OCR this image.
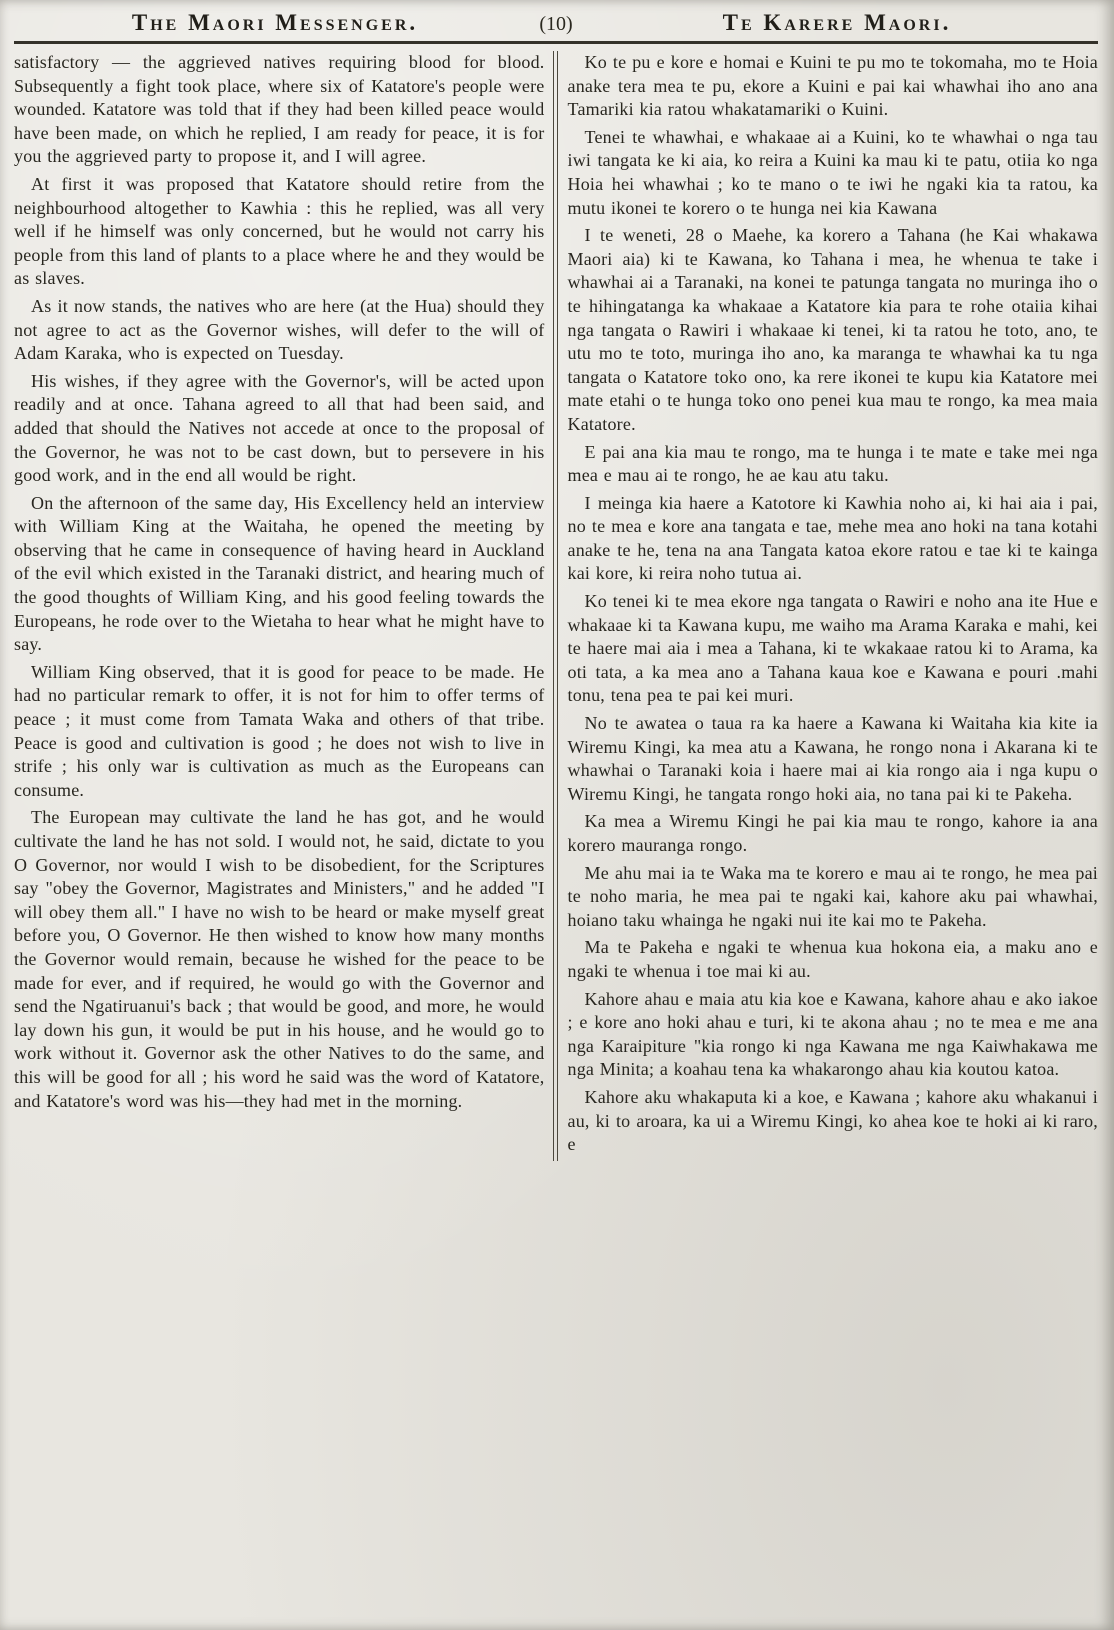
The Maori Messenger.	(10)	Te Karere Maori.

satisfactory — the aggrieved natives requiring blood for blood. Subsequently a fight took place, where six of Katatore's people were wounded. Katatore was told that if they had been killed peace would have been made, on which he replied, I am ready for peace, it is for you the aggrieved party to propose it, and I will agree.

At first it was proposed that Katatore should retire from the neighbourhood altogether to Kawhia : this he replied, was all very well if he himself was only concerned, but he would not carry his people from this land of plants to a place where he and they would be as slaves.

As it now stands, the natives who are here (at the Hua) should they not agree to act as the Governor wishes, will defer to the will of Adam Karaka, who is expected on Tuesday.

His wishes, if they agree with the Governor's, will be acted upon readily and at once. Tahana agreed to all that had been said, and added that should the Natives not accede at once to the proposal of the Governor, he was not to be cast down, but to persevere in his good work, and in the end all would be right.

On the afternoon of the same day, His Excellency held an interview with William King at the Waitaha, he opened the meeting by observing that he came in consequence of having heard in Auckland of the evil which existed in the Taranaki district, and hearing much of the good thoughts of William King, and his good feeling towards the Europeans, he rode over to the Wietaha to hear what he might have to say.

William King observed, that it is good for peace to be made. He had no particular remark to offer, it is not for him to offer terms of peace ; it must come from Tamata Waka and others of that tribe. Peace is good and cultivation is good ; he does not wish to live in strife ; his only war is cultivation as much as the Europeans can consume.

The European may cultivate the land he has got, and he would cultivate the land he has not sold. I would not, he said, dictate to you O Governor, nor would I wish to be disobedient, for the Scriptures say "obey the Governor, Magistrates and Ministers," and he added "I will obey them all." I have no wish to be heard or make myself great before you, O Governor. He then wished to know how many months the Governor would remain, because he wished for the peace to be made for ever, and if required, he would go with the Governor and send the Ngatiruanui's back ; that would be good, and more, he would lay down his gun, it would be put in his house, and he would go to work without it. Governor ask the other Natives to do the same, and this will be good for all ; his word he said was the word of Katatore, and Katatore's word was his—they had met in the morning.

Ko te pu e kore e homai e Kuini te pu mo te tokomaha, mo te Hoia anake tera mea te pu, ekore a Kuini e pai kai whawhai iho ano ana Tamariki kia ratou whakatamariki o Kuini.

Tenei te whawhai, e whakaae ai a Kuini, ko te whawhai o nga tau iwi tangata ke ki aia, ko reira a Kuini ka mau ki te patu, otiia ko nga Hoia hei whawhai ; ko te mano o te iwi he ngaki kia ta ratou, ka mutu ikonei te korero o te hunga nei kia Kawana

I te weneti, 28 o Maehe, ka korero a Tahana (he Kai whakawa Maori aia) ki te Kawana, ko Tahana i mea, he whenua te take i whawhai ai a Taranaki, na konei te patunga tangata no muringa iho o te hihingatanga ka whakaae a Katatore kia para te rohe otaiia kihai nga tangata o Rawiri i whakaae ki tenei, ki ta ratou he toto, ano, te utu mo te toto, muringa iho ano, ka maranga te whawhai ka tu nga tangata o Katatore toko ono, ka rere ikonei te kupu kia Katatore mei mate etahi o te hunga toko ono penei kua mau te rongo, ka mea maia Katatore.

E pai ana kia mau te rongo, ma te hunga i te mate e take mei nga mea e mau ai te rongo, he ae kau atu taku.

I meinga kia haere a Katotore ki Kawhia noho ai, ki hai aia i pai, no te mea e kore ana tangata e tae, mehe mea ano hoki na tana kotahi anake te he, tena na ana Tangata katoa ekore ratou e tae ki te kainga kai kore, ki reira noho tutua ai.

Ko tenei ki te mea ekore nga tangata o Rawiri e noho ana ite Hue e whakaae ki ta Kawana kupu, me waiho ma Arama Karaka e mahi, kei te haere mai aia i mea a Tahana, ki te wkakaae ratou ki to Arama, ka oti tata, a ka mea ano a Tahana kaua koe e Kawana e pouri .mahi tonu, tena pea te pai kei muri.

No te awatea o taua ra ka haere a Kawana ki Waitaha kia kite ia Wiremu Kingi, ka mea atu a Kawana, he rongo nona i Akarana ki te whawhai o Taranaki koia i haere mai ai kia rongo aia i nga kupu o Wiremu Kingi, he tangata rongo hoki aia, no tana pai ki te Pakeha.

Ka mea a Wiremu Kingi he pai kia mau te rongo, kahore ia ana korero mauranga rongo.

Me ahu mai ia te Waka ma te korero e mau ai te rongo, he mea pai te noho maria, he mea pai te ngaki kai, kahore aku pai whawhai, hoiano taku whainga he ngaki nui ite kai mo te Pakeha.

Ma te Pakeha e ngaki te whenua kua hokona eia, a maku ano e ngaki te whenua i toe mai ki au.

Kahore ahau e maia atu kia koe e Kawana, kahore ahau e ako iakoe ; e kore ano hoki ahau e turi, ki te akona ahau ; no te mea e me ana nga Karaipiture "kia rongo ki nga Kawana me nga Kaiwhakawa me nga Minita; a koahau tena ka whakarongo ahau kia koutou katoa.

Kahore aku whakaputa ki a koe, e Kawana ; kahore aku whakanui i au, ki to aroara, ka ui a Wiremu Kingi, ko ahea koe te hoki ai ki raro, e
